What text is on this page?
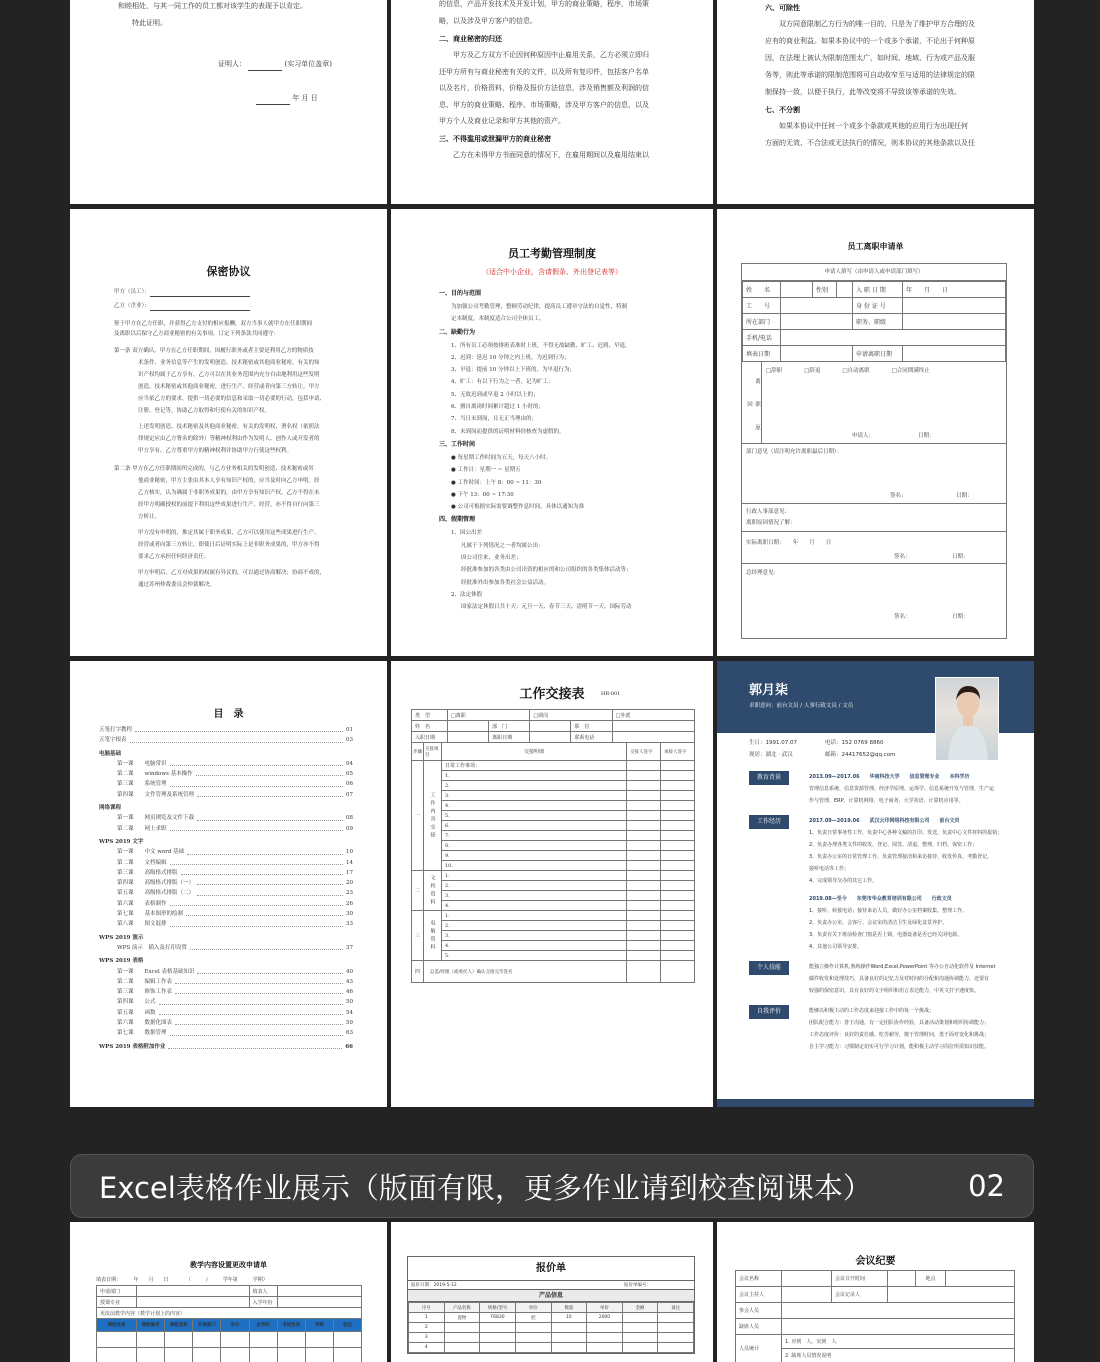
和睦相处，与其一同工作的员工都对该学生的表现予以肯定。
特此证明。
证明人：	(实习单位盖章)
年 月 日
的信息，产品开发技术及开发计划，甲方的商业策略，程序，市场策
略，以及涉及甲方客户的信息。
二、商业秘密的归还
甲方及乙方双方不论因何种原因中止雇用关系，乙方必须立即归
还甲方所有与商业秘密有关的文件，以及所有复印件，包括客户名单
以及名片，价格资料，价格及报价方法信息，涉及销售额及利润的信
息、甲方的商业策略、程序、市场策略，涉及甲方客户的信息，以及
甲方个人及商业记录和甲方其他的资产。
三、不得滥用或泄漏甲方的商业秘密
乙方在未得甲方书面同意的情况下，在雇用期间以及雇用结束以
六、可除性
双方同意限制乙方行为的唯一目的，只是为了维护甲方合理的及
应有的商业利益。如果本协议中的一个或多个承诺，不论出于何种原
因，在法理上被认为限制范围太广，如时间、地域、行为或产品及服
务等，则此等承诺的限制范围将可自动收窄至与适用的法律规定的限
制保持一致，以便于执行，此等改变将不导致该等承诺的失效。
七、不分割
如果本协议中任何一个或多个条款或其他的应用行为出现任何
方面的无效、不合法或无法执行的情况，则本协议的其他条款以及任
保密协议
甲方（员工）：
乙方（企业）：
鉴于甲方在乙方任职，并获得乙方支付的相应报酬，双方当事人就甲方在任职期间
及离职以后保守乙方商业秘密的有关事项，订定下列条款共同遵守：
第一条 双方确认，甲方在乙方任职期间，因履行职务或者主要是利用乙方的物质技
术条件、业务信息等产生的发明创造、技术秘密或其他商业秘密，有关的知
识产权均属于乙方享有。乙方可以在其业务范围内充分自由地利用这些发明
创造、技术秘密或其他商业秘密，进行生产、经营或者向第三方转让。甲方
应当依乙方的要求，提供一切必要的信息和采取一切必要的行动，包括申请、
注册、登记等，协助乙方取得和行使有关的知识产权。
上述发明创造、技术秘密及其他商业秘密，有关的发明权、署名权（依照法
律规定应由乙方署名的除外）等精神权利由作为发明人、创作人或开发者的
甲方享有，乙方尊重甲方的精神权利并协助甲方行使这些权利。
第二条 甲方在乙方任职期间所完成的，与乙方业务相关的发明创造、技术秘密或其
他商业秘密，甲方主张由其本人享有知识产权的，应当及时向乙方申明。经
乙方核实，认为确属于非职务成果的，由甲方享有知识产权，乙方不得在未
经甲方明确授权的前提下利用这些成果进行生产、经营，亦不得自行向第三
方转让。
甲方没有申明的，推定其属于职务成果，乙方可以使用这些成果进行生产、
经营或者向第三方转让。即使日后证明实际上是非职务成果的，甲方亦不得
要求乙方承担任何经济责任。
甲方申明后，乙方对成果的权属有异议的，可以通过协商解决；协商不成的，
通过苏州仲裁委员会仲裁解决。
员工考勤管理制度
（适合中小企业，含请假条、外出登记表等）
一、目的与范围
为加强公司考勤管理，整顿劳动纪律，提高员工遵章守法的自觉性，特制
定本制度，本制度适合公司全体员工。
二、缺勤行为
1、所有员工必须按排班表准时上班，不得无故缺勤、旷工、迟到、早退。
2、迟到：延迟 10 分钟之内上班，为迟到行为；
3、早退：提前 10 分钟以上下班的，为早退行为；
4、旷工：有以下行为之一者，记为旷工：
5、无故迟到或早退 2 小时以上的；
6、擅自离岗时间累计超过 1 小时的；
7、当日未到岗，且无正当理由的；
8、未到岗而提供的证明材料经核查为虚假的。
三、工作时间
● 每星期工作时间为五天，每天八小时。
● 工作日：星期一 ~ 星期五
● 工作时间：上午 8：00 ~ 11：30
● 下午 13：00 ~ 17:30
● 公司可根据实际需要调整作息时间，具体以通知为准
四、假期管理
1、因公出差
凡属于下列情况之一者均属公出：
因公司往来、业务出差；
经批准参加的各类由公司出资的相应的和公司组织的各类集体活动等；
经批准外出参加各类社会公益活动。
2、法定休假
国家法定休假日共十天：元旦一天、春节三天、清明节一天、国际劳动
员工离职申请单
申请人填写（由申请人或申请部门填写）
姓　　名		性别		入 职 日 期	年　　月　　日
工　　号				身 份 证 号	
所在部门				职务、职级	
手机/电话					
填表日期				申请离职日期	
离 职 原 因
□辞职　　　　□辞退　　　　□自动离职　　　　□合同期满终止
申请人：	日期：
部门意见（请注明允许离职最后日期）：
签名：	日期：
行政人事部意见：
离职原因情况了解：
实际离职日期：　　年　　月　　日
签名：	日期：
总经理意见：
签名：	日期：
目　录
五笔打字教程	01
五笔字根表	03
电脑基础
第一课　　电脑常识	04
第二课　　windows 基本操作	05
第三课　　系统管理	06
第四课　　文件管理及系统管理	07
网络课程
第一课　　网页浏览及文件下载	08
第二课　　网上求职	09
WPS 2019 文字
第一课　　中文 word 基础	10
第二课　　文档编辑	14
第三课　　高级格式排版	17
第四课　　高级格式排版（一）	20
第五课　　高级格式排版（二）	23
第六课　　表格制作	26
第七课　　基本图形的绘制	30
第八课　　图文混排	33
WPS 2019 演示
WPS 演示　插入及打印设置	37
WPS 2019 表格
第一课　　Excel 表格基础知识	40
第二课　　编辑工作表	43
第三课　　修饰工作表	46
第四课　　公式	50
第五课　　函数	54
第六课　　数据化图表	59
第七课　　数据管理	63
WPS 2019 表格附加作业	66
工作交接表	HR-001
类　型	□离职		□调岗		□外派
姓　名		部　门		职　位	
入职日期		离职日期		联系电话	
步骤	交接项目	交接明细	交接人签字	承接人签字
一	工作内容交接	日常工作事项：		
		1.		
		2.		
		3.		
		4.		
		5.		
		6.		
		7.		
		8.		
		9.		
		10.		
二	文档资料	1.		
		2.		
		3.		
		4.		
三	电脑资料	1.		
		2.		
		3.		
		4.		
		5.		
四	总监/经理（或委托人）确认交接完毕签名			
郭月柒
求职意向：前台文员 / 人事行政文员 / 文员
生日：1991.07.07	电话：152 0769 8860
现居：湖北 · 武汉	邮箱：24417652@qq.com
教育背景	2013.09—2017.06　　华南科技大学　　信息管理专业　　本科学历
管理信息系统、信息资源管理、经济学原理、运筹学、信息系统开发与管理，生产运
作与管理、ERP、计算机网络、电子商务、大学英语、计算机应用等。
工作经历	2017.09—2019.06　　武汉云印网络科技有限公司　　前台文员
1、负责日常事务性工作，负责中心各种文稿的打印、发送，负责中心文件材料的报销；
2、负责办理各类文件的收发、登记、阅签、清退、整理、归档、保密工作；
3、负责办公室的日常管理工作，负责管理接洽和来访接待，收发传真、考勤登记，
接听电话等工作；
4、完成领导交办的其它工作。
2019.08—至今　　东莞市华众教育培训有限公司　　行政文员
1、接听、转接电话；接待来访人员，做好办公室档案收集、整理工作。
2、负责办公室、会客厅、会议室的清洁卫生及绿化盆景养护。
3、负责有关下班前检查门窗是否上锁，电器设备是否已经关闭电源。
4、其他公司领导安排。
个人技能	能独立操作计算机,熟练操作Word,Excel,PowerPoint 等办公自动化软件及 Internet
邮件收发和处理技巧，具备良好的记忆力及对时间的分配和沟通协调能力，还要有
较强的保密意识，具有良好的文字组织和语言表达能力，中英文打字速度快。
自我评价	能够以积极主动的工作态度来迎接工作中的每一个挑战；
团队配合能力：善于沟通，有一定团队协作经验，具备活动策划和组织协调能力；
工作态度评价：良好的责任感、吃苦耐劳，擅于管理时间，勇于面对变化和挑战；
自主学习能力：习惯制定切实可行学习计划，能积极主动学习岗位所需知识技能。
Excel表格作业展示（版面有限，更多作业请到校查阅课本）	02
教学内容设置更改申请单
填表日期：　　　年　　月　　日　　　　（　　　/　　　学年第　　　学期）
申请部门					填表人			
授课专业					入学年份			
更改前教学内容（教学计划上的内容）								
课程性质	课程编号	课程名称	开课部门	学分	总学时	考试性质	学期	状态

报价单
报价日期：2019-5-12	报价单编号：
产品信息
序号	产品名称	规格/型号	单位	数量	单价	金额	备注
1	置物	F6830	把	10	2000		
2							
3							
4							
会议纪要
会议名称		会议召开时间		地点	
会议主持人		会议记录人			
参会人员					
缺席人员					
人员统计	1. 应到　人、实到　人				
	2. 缺席人员情况说明				
